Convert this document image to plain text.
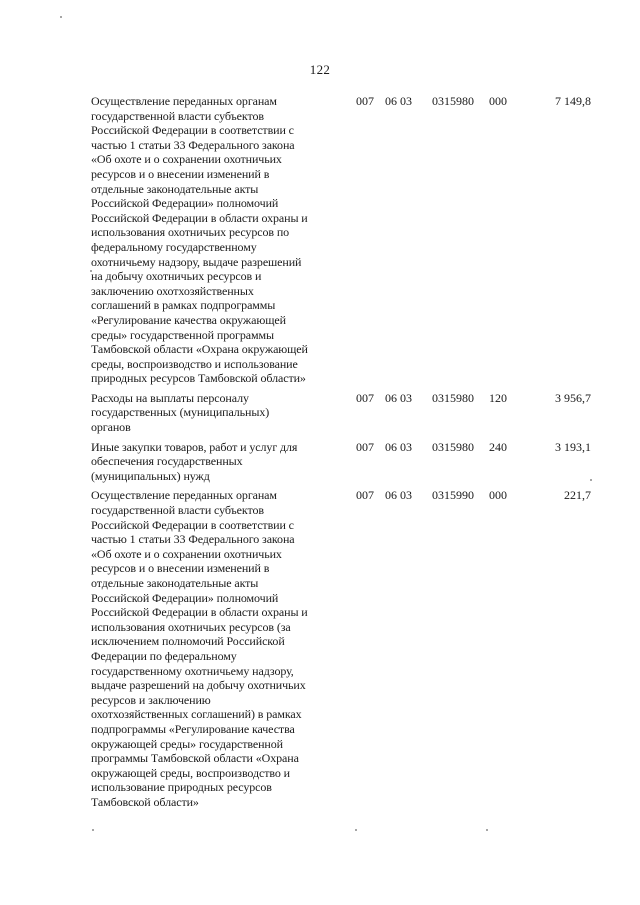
122
Осуществление переданных органам
государственной власти субъектов
Российской Федерации в соответствии с
частью 1 статьи 33 Федерального закона
«Об охоте и о сохранении охотничьих
ресурсов и о внесении изменений в
отдельные законодательные акты
Российской Федерации» полномочий
Российской Федерации в области охраны и
использования охотничьих ресурсов по
федеральному государственному
охотничьему надзору, выдаче разрешений
на добычу охотничьих ресурсов и
заключению охотхозяйственных
соглашений в рамках подпрограммы
«Регулирование качества окружающей
среды» государственной программы
Тамбовской области «Охрана окружающей
среды, воспроизводство и использование
природных ресурсов Тамбовской области»
007 06 03 0315980 000	7 149,8
Расходы на выплаты персоналу
государственных (муниципальных)
органов
007 06 03 0315980 120	3 956,7
Иные закупки товаров, работ и услуг для
обеспечения государственных
(муниципальных) нужд
007 06 03 0315980 240	3 193,1
Осуществление переданных органам
государственной власти субъектов
Российской Федерации в соответствии с
частью 1 статьи 33 Федерального закона
«Об охоте и о сохранении охотничьих
ресурсов и о внесении изменений в
отдельные законодательные акты
Российской Федерации» полномочий
Российской Федерации в области охраны и
использования охотничьих ресурсов (за
исключением полномочий Российской
Федерации по федеральному
государственному охотничьему надзору,
выдаче разрешений на добычу охотничьих
ресурсов и заключению
охотхозяйственных соглашений) в рамках
подпрограммы «Регулирование качества
окружающей среды» государственной
программы Тамбовской области «Охрана
окружающей среды, воспроизводство и
использование природных ресурсов
Тамбовской области»
007 06 03 0315990 000	221,7
